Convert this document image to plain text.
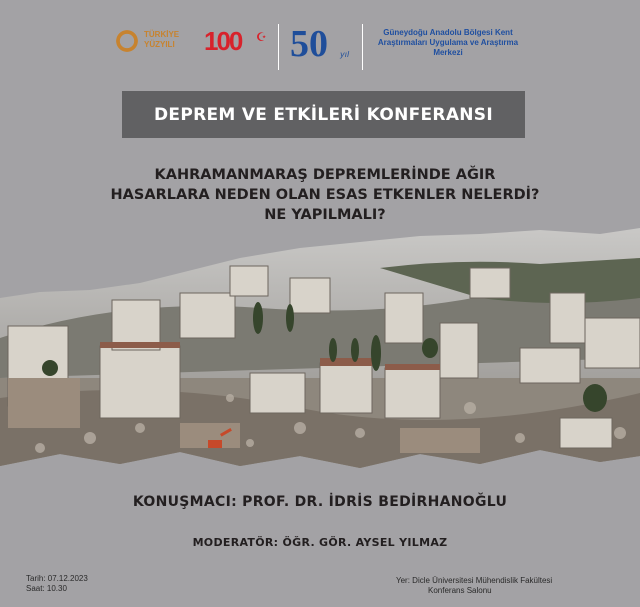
TÜRKİYE
YÜZYILI	100 ☪ 50 yıl
Güneydoğu Anadolu Bölgesi Kent Araştırmaları Uygulama ve Araştırma Merkezi
DEPREM VE ETKİLERİ KONFERANSI
KAHRAMANMARAŞ DEPREMLERİNDE AĞIR
HASARLARA NEDEN OLAN ESAS ETKENLER NELERDİ?
NE YAPILMALI?
KONUŞMACI: PROF. DR. İDRİS BEDİRHANOĞLU
MODERATÖR: ÖĞR. GÖR. AYSEL YILMAZ
Tarih: 07.12.2023
Saat: 10.30
Yer: Dicle Üniversitesi Mühendislik Fakültesi
Konferans Salonu
